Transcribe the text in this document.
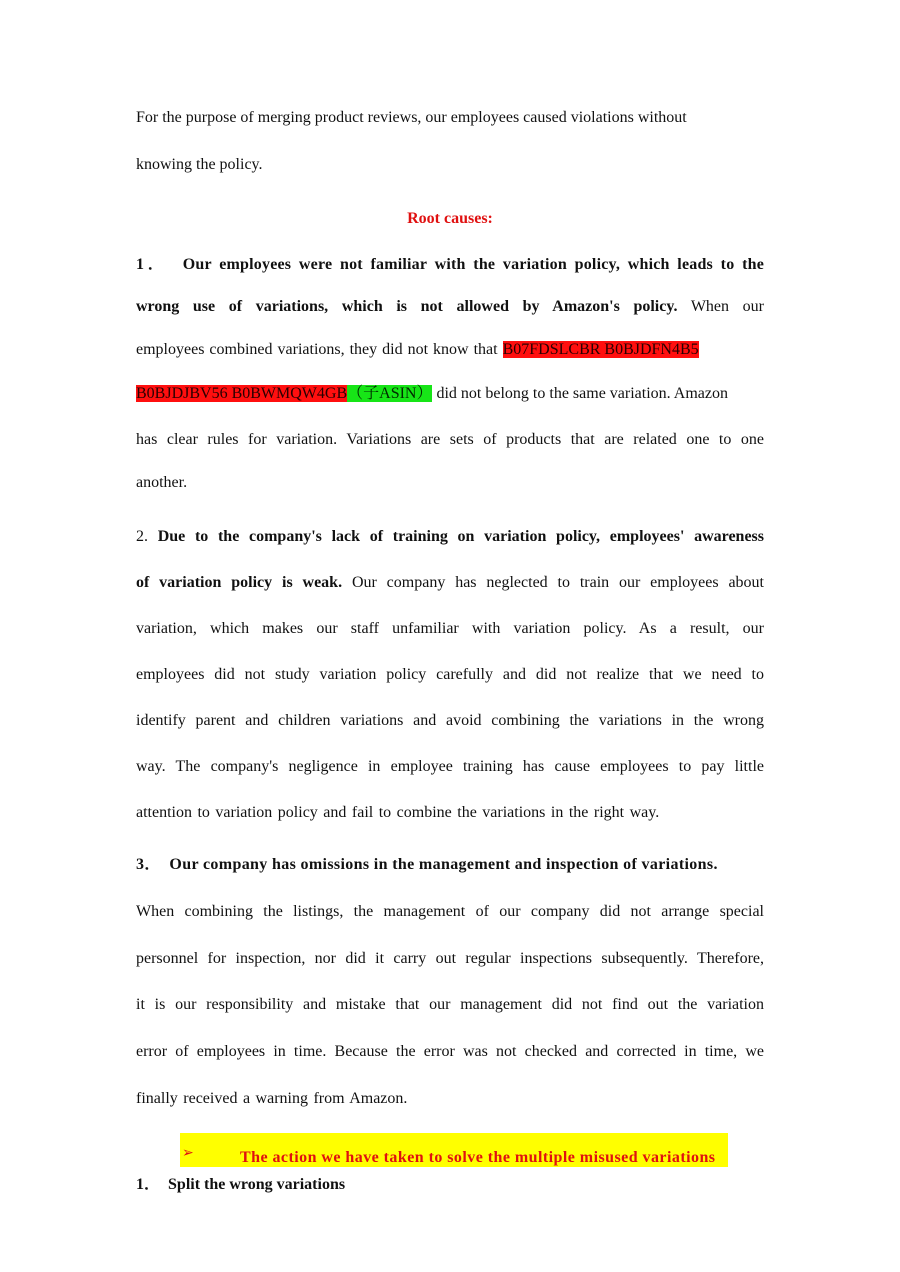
For the purpose of merging product reviews, our employees caused violations without
knowing the policy.
Root causes:
1． Our employees were not familiar with the variation policy, which leads to the
wrong use of variations, which is not allowed by Amazon's policy. When our
employees combined variations, they did not know that B07FDSLCBR B0BJDFN4B5
B0BJDJBV56 B0BWMQW4GB（子ASIN） did not belong to the same variation. Amazon
has clear rules for variation. Variations are sets of products that are related one to one
another.
2. Due to the company's lack of training on variation policy, employees' awareness
of variation policy is weak. Our company has neglected to train our employees about
variation, which makes our staff unfamiliar with variation policy. As a result, our
employees did not study variation policy carefully and did not realize that we need to
identify parent and children variations and avoid combining the variations in the wrong
way. The company's negligence in employee training has cause employees to pay little
attention to variation policy and fail to combine the variations in the right way.
3． Our company has omissions in the management and inspection of variations.
When combining the listings, the management of our company did not arrange special
personnel for inspection, nor did it carry out regular inspections subsequently. Therefore,
it is our responsibility and mistake that our management did not find out the variation
error of employees in time. Because the error was not checked and corrected in time, we
finally received a warning from Amazon.
➢	The action we have taken to solve the multiple misused variations
1． Split the wrong variations
